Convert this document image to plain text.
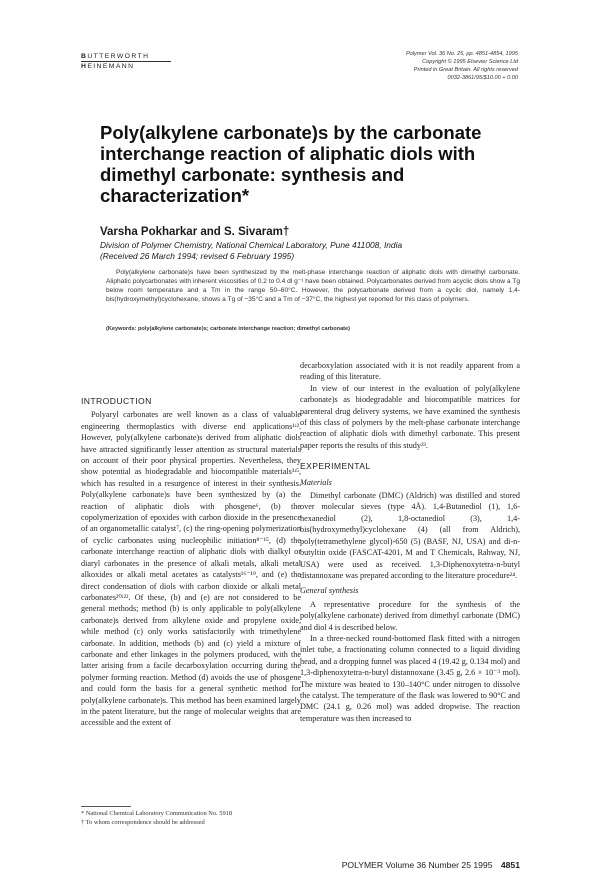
BUTTERWORTH
HEINEMANN
Polymer Vol. 36 No. 25, pp. 4851-4854, 1995
Copyright © 1995 Elsevier Science Ltd
Printed in Great Britain. All rights reserved
0032-3861/95/$10.00 + 0.00
Poly(alkylene carbonate)s by the carbonate interchange reaction of aliphatic diols with dimethyl carbonate: synthesis and characterization*

Varsha Pokharkar and S. Sivaram†

Division of Polymer Chemistry, National Chemical Laboratory, Pune 411008, India
(Received 26 March 1994; revised 6 February 1995)

Poly(alkylene carbonate)s have been synthesized by the melt-phase interchange reaction of aliphatic diols with dimethyl carbonate. Aliphatic polycarbonates with inherent viscosities of 0.2 to 0.4 dl g⁻¹ have been obtained. Polycarbonates derived from acyclic diols show a Tg below room temperature and a Tm in the range 50–60°C. However, the polycarbonate derived from a cyclic diol, namely 1,4-bis(hydroxymethyl)cyclohexane, shows a Tg of −35°C and a Tm of −37°C, the highest yet reported for this class of polymers.

(Keywords: poly(alkylene carbonate)s; carbonate interchange reaction; dimethyl carbonate)
INTRODUCTION

Polyaryl carbonates are well known as a class of valuable engineering thermoplastics with diverse end applications¹ʴ². However, poly(alkylene carbonate)s derived from aliphatic diols have attracted significantly lesser attention as structural materials on account of their poor physical properties. Nevertheless, they show potential as biodegradable and biocompatible materials³ʴ⁵, which has resulted in a resurgence of interest in their synthesis. Poly(alkylene carbonate)s have been synthesized by (a) the reaction of aliphatic diols with phosgene⁶, (b) the copolymerization of epoxides with carbon dioxide in the presence of an organometallic catalyst⁷, (c) the ring-opening polymerization of cyclic carbonates using nucleophilic initiation⁸⁻¹⁵, (d) the carbonate interchange reaction of aliphatic diols with dialkyl or diaryl carbonates in the presence of alkali metals, alkali metal alkoxides or alkali metal acetates as catalysts¹⁶⁻¹⁹, and (e) the direct condensation of diols with carbon dioxide or alkali metal carbonates²⁰ʴ²². Of these, (b) and (e) are not considered to be general methods; method (b) is only applicable to poly(alkylene carbonate)s derived from alkylene oxide and propylene oxide, while method (c) only works satisfactorily with trimethylene carbonate. In addition, methods (b) and (c) yield a mixture of carbonate and ether linkages in the polymers produced, with the latter arising from a facile decarboxylation occurring during the polymer forming reaction. Method (d) avoids the use of phosgene and could form the basis for a general synthetic method for poly(alkylene carbonate)s. This method has been examined largely in the patent literature, but the range of molecular weights that are accessible and the extent of

decarboxylation associated with it is not readily apparent from a reading of this literature.

In view of our interest in the evaluation of poly(alkylene carbonate)s as biodegradable and biocompatible matrices for parenteral drug delivery systems, we have examined the synthesis of this class of polymers by the melt-phase carbonate interchange reaction of aliphatic diols with dimethyl carbonate. This present paper reports the results of this study²³.

EXPERIMENTAL
Materials

Dimethyl carbonate (DMC) (Aldrich) was distilled and stored over molecular sieves (type 4Å). 1,4-Butanediol (1), 1,6-hexanediol (2), 1,8-octanediol (3), 1,4-bis(hydroxymethyl)cyclohexane (4) (all from Aldrich), poly(tetramethylene glycol)-650 (5) (BASF, NJ, USA) and di-n-butyltin oxide (FASCAT-4201, M and T Chemicals, Rahway, NJ, USA) were used as received. 1,3-Diphenoxytetra-n-butyl distannoxane was prepared according to the literature procedure²⁴.

General synthesis

A representative procedure for the synthesis of the poly(alkylene carbonate) derived from dimethyl carbonate (DMC) and diol 4 is described below.

In a three-necked round-bottomed flask fitted with a nitrogen inlet tube, a fractionating column connected to a liquid dividing head, and a dropping funnel was placed 4 (19.42 g, 0.134 mol) and 1,3-diphenoxytetra-n-butyl distannoxane (3.45 g, 2.6 × 10⁻³ mol). The mixture was heated to 130–140°C under nitrogen to dissolve the catalyst. The temperature of the flask was lowered to 90°C and DMC (24.1 g, 0.26 mol) was added dropwise. The reaction temperature was then increased to

* National Chemical Laboratory Communication No. 5918
† To whom correspondence should be addressed
POLYMER Volume 36 Number 25 1995 4851
